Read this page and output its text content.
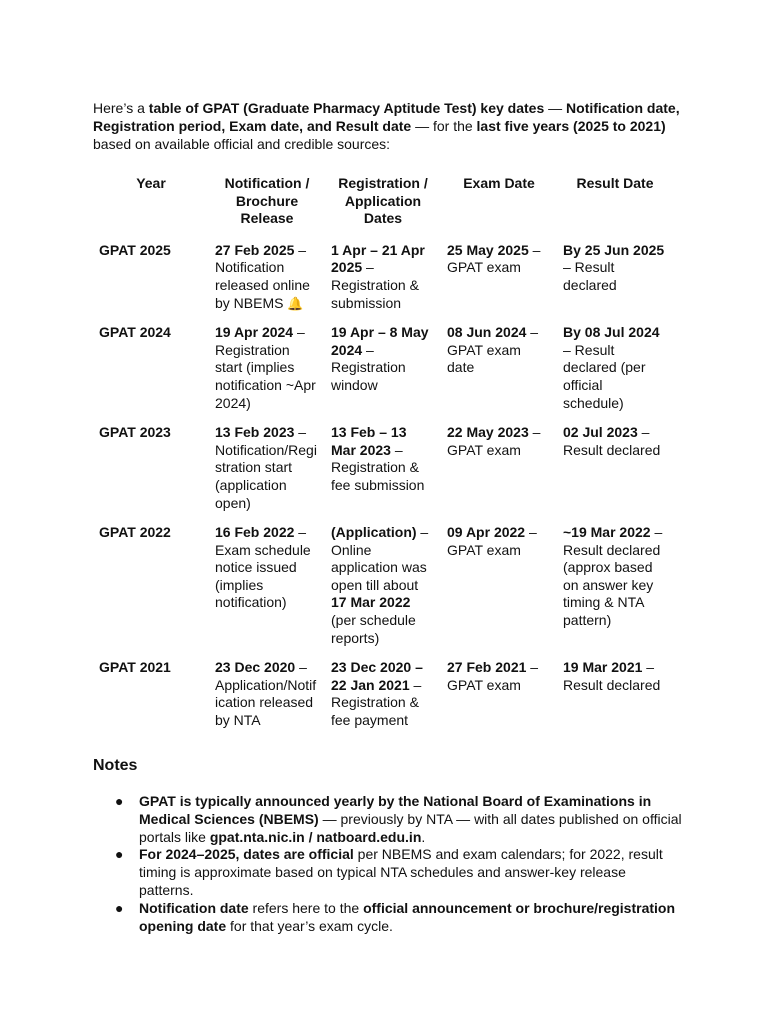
Here’s a table of GPAT (Graduate Pharmacy Aptitude Test) key dates — Notification date, Registration period, Exam date, and Result date — for the last five years (2025 to 2021) based on available official and credible sources:

Year	Notification / Brochure Release	Registration / Application Dates	Exam Date	Result Date
GPAT 2025	27 Feb 2025 – Notification released online by NBEMS 🔔	1 Apr – 21 Apr 2025 – Registration & submission	25 May 2025 – GPAT exam	By 25 Jun 2025 – Result declared
GPAT 2024	19 Apr 2024 – Registration start (implies notification ~Apr 2024)	19 Apr – 8 May 2024 – Registration window	08 Jun 2024 – GPAT exam date	By 08 Jul 2024 – Result declared (per official schedule)
GPAT 2023	13 Feb 2023 – Notification/Registration start (application open)	13 Feb – 13 Mar 2023 – Registration & fee submission	22 May 2023 – GPAT exam	02 Jul 2023 – Result declared
GPAT 2022	16 Feb 2022 – Exam schedule notice issued (implies notification)	(Application) – Online application was open till about 17 Mar 2022 (per schedule reports)	09 Apr 2022 – GPAT exam	~19 Mar 2022 – Result declared (approx based on answer key timing & NTA pattern)
GPAT 2021	23 Dec 2020 – Application/Notification released by NTA	23 Dec 2020 – 22 Jan 2021 – Registration & fee payment	27 Feb 2021 – GPAT exam	19 Mar 2021 – Result declared
Notes
● GPAT is typically announced yearly by the National Board of Examinations in Medical Sciences (NBEMS) — previously by NTA — with all dates published on official portals like gpat.nta.nic.in / natboard.edu.in.
● For 2024–2025, dates are official per NBEMS and exam calendars; for 2022, result timing is approximate based on typical NTA schedules and answer-key release patterns.
● Notification date refers here to the official announcement or brochure/registration opening date for that year’s exam cycle.
